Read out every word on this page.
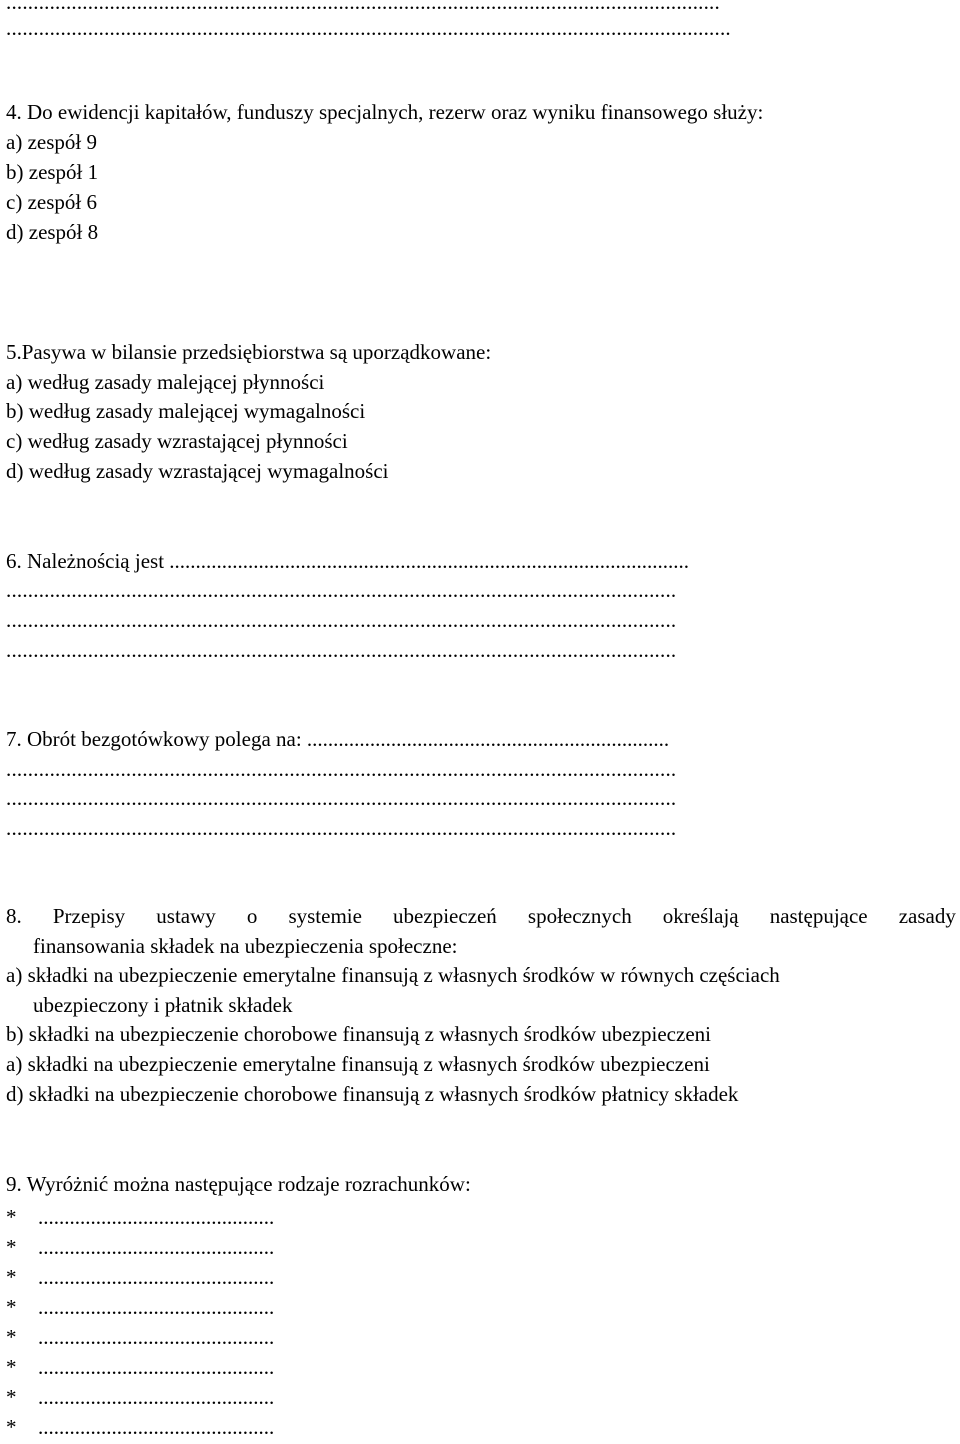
...................................................................................................................................
.....................................................................................................................................
4. Do ewidencji kapitałów, funduszy specjalnych, rezerw oraz wyniku finansowego służy:
a) zespół 9
b) zespół 1
c) zespół 6
d) zespół 8
5.Pasywa w bilansie przedsiębiorstwa są uporządkowane:
a) według zasady malejącej płynności
b) według zasady malejącej wymagalności
c) według zasady wzrastającej płynności
d) według zasady wzrastającej wymagalności
6. Należnością jest ...................................................................................................
...........................................................................................................................
...........................................................................................................................
...........................................................................................................................
7. Obrót bezgotówkowy polega na: .....................................................................
...........................................................................................................................
...........................................................................................................................
...........................................................................................................................
8. Przepisy ustawy o systemie ubezpieczeń społecznych określają następujące zasady
finansowania składek na ubezpieczenia społeczne:
a) składki na ubezpieczenie emerytalne finansują z własnych środków w równych częściach
ubezpieczony i płatnik składek
b) składki na ubezpieczenie chorobowe finansują z własnych środków ubezpieczeni
a) składki na ubezpieczenie emerytalne finansują z własnych środków ubezpieczeni
d) składki na ubezpieczenie chorobowe finansują z własnych środków płatnicy składek
9. Wyróżnić można następujące rodzaje rozrachunków:
* .............................................
* .............................................
* .............................................
* .............................................
* .............................................
* .............................................
* .............................................
* .............................................
